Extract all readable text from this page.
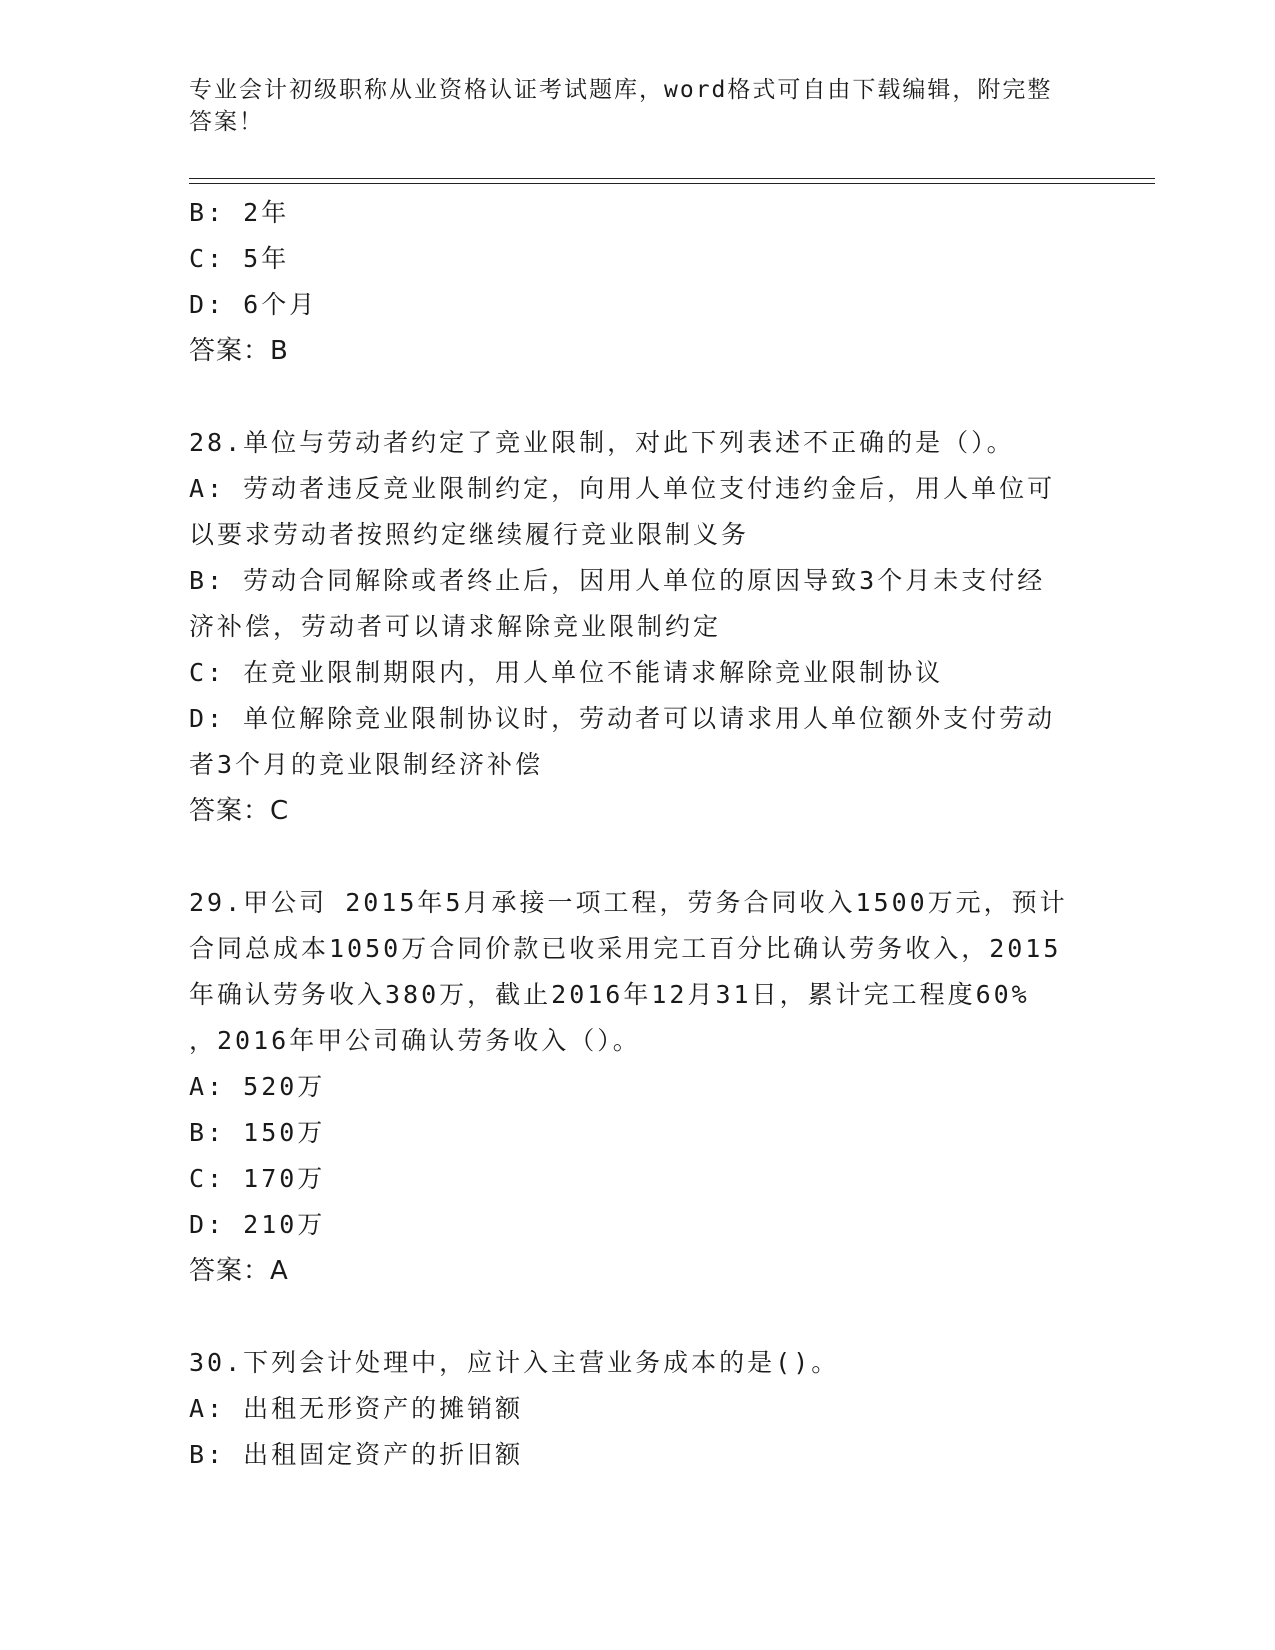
专业会计初级职称从业资格认证考试题库，word格式可自由下载编辑，附完整答案！

B: 2年

C: 5年

D: 6个月

答案：B

28.单位与劳动者约定了竞业限制，对此下列表述不正确的是（）。

A: 劳动者违反竞业限制约定，向用人单位支付违约金后，用人单位可

以要求劳动者按照约定继续履行竞业限制义务

B: 劳动合同解除或者终止后，因用人单位的原因导致3个月未支付经

济补偿，劳动者可以请求解除竞业限制约定

C: 在竞业限制期限内，用人单位不能请求解除竞业限制协议

D: 单位解除竞业限制协议时，劳动者可以请求用人单位额外支付劳动

者3个月的竞业限制经济补偿

答案：C

29.甲公司 2015年5月承接一项工程，劳务合同收入1500万元，预计

合同总成本1050万合同价款已收采用完工百分比确认劳务收入，2015

年确认劳务收入380万，截止2016年12月31日，累计完工程度60%

，2016年甲公司确认劳务收入（）。

A: 520万

B: 150万

C: 170万

D: 210万

答案：A

30.下列会计处理中，应计入主营业务成本的是()。

A: 出租无形资产的摊销额

B: 出租固定资产的折旧额
